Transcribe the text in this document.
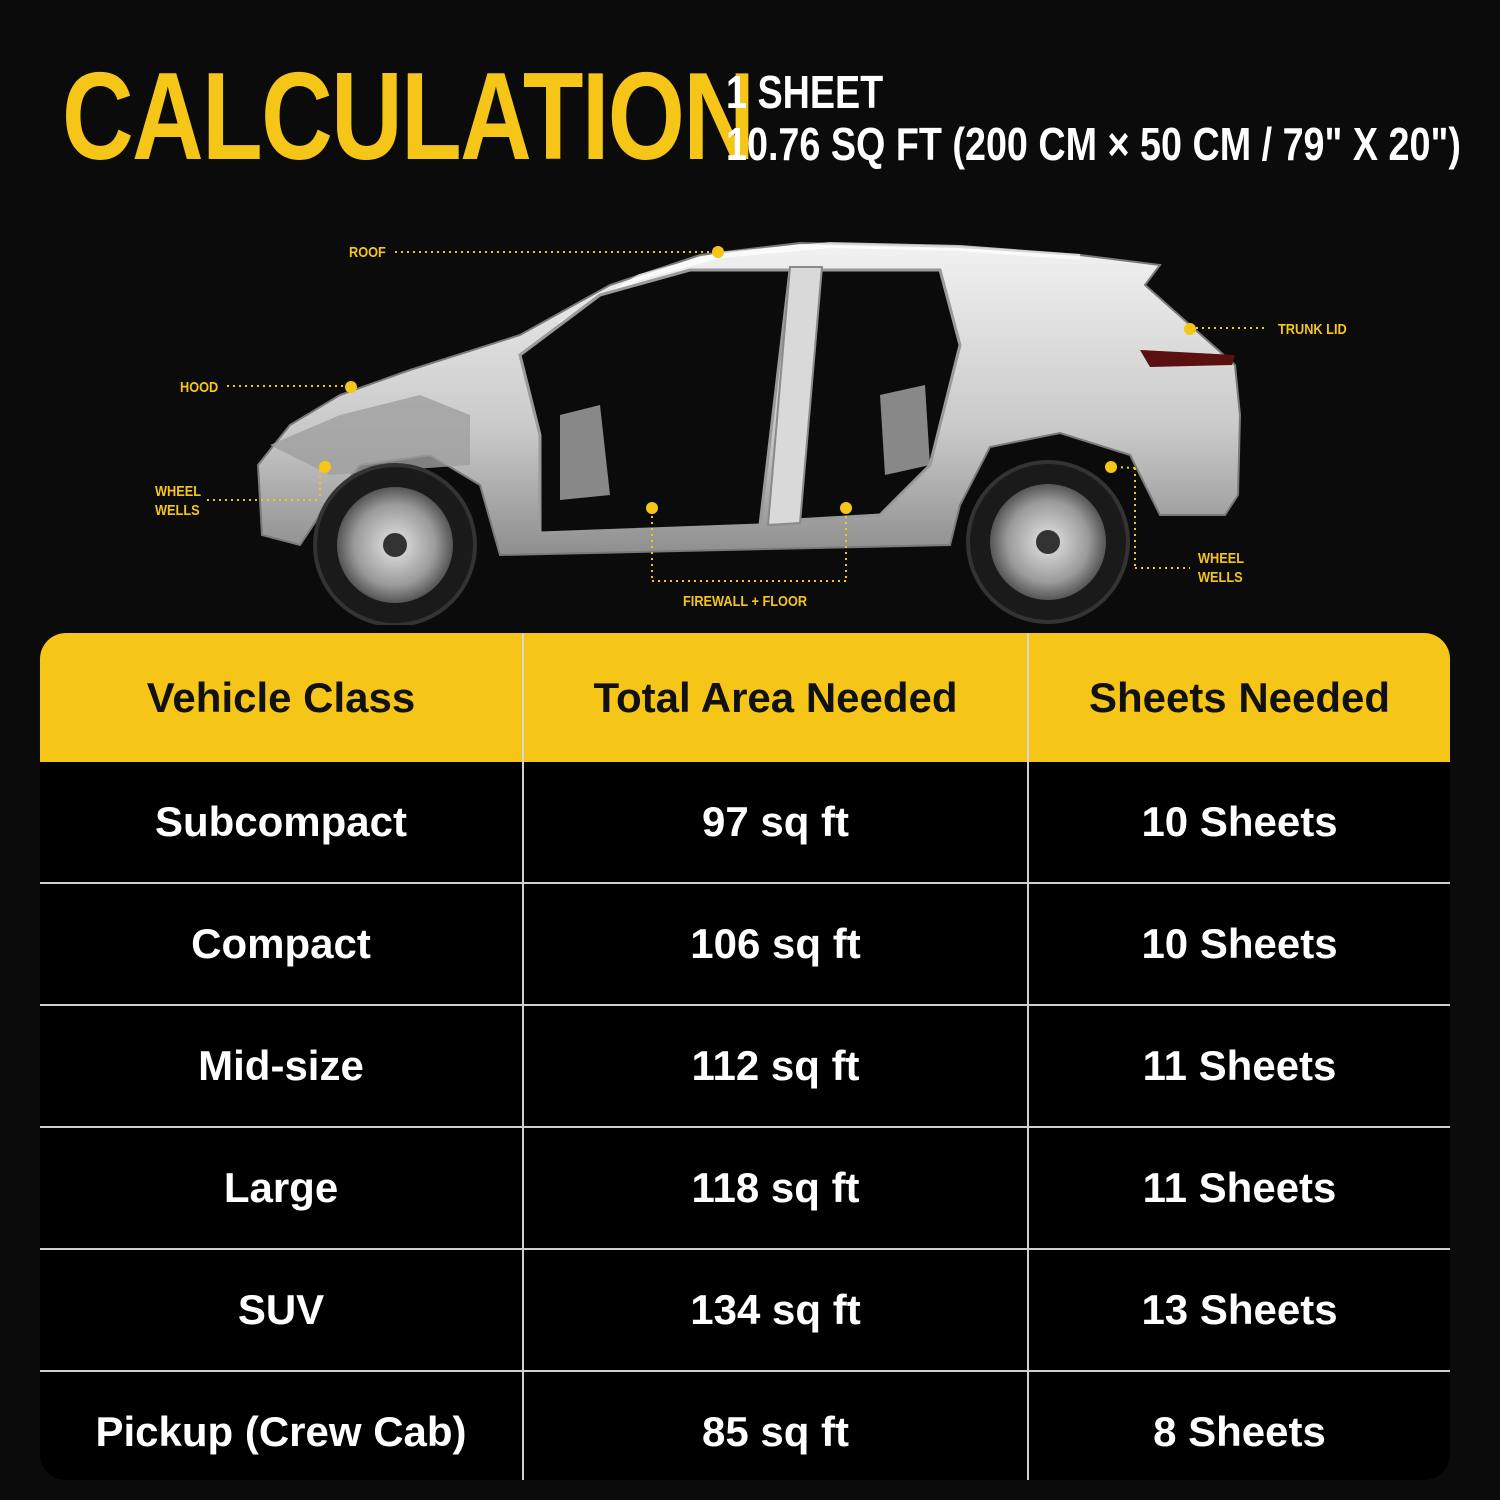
CALCULATION
1 SHEET
10.76 SQ FT (200 CM × 50 CM / 79" X 20")
ROOF
HOOD
WHEEL
WELLS
TRUNK LID
WHEEL
WELLS
FIREWALL + FLOOR
Vehicle Class	Total Area Needed	Sheets Needed
Subcompact	97 sq ft	10 Sheets
Compact	106 sq ft	10 Sheets
Mid-size	112 sq ft	11 Sheets
Large	118 sq ft	11 Sheets
SUV	134 sq ft	13 Sheets
Pickup (Crew Cab)	85 sq ft	8 Sheets
